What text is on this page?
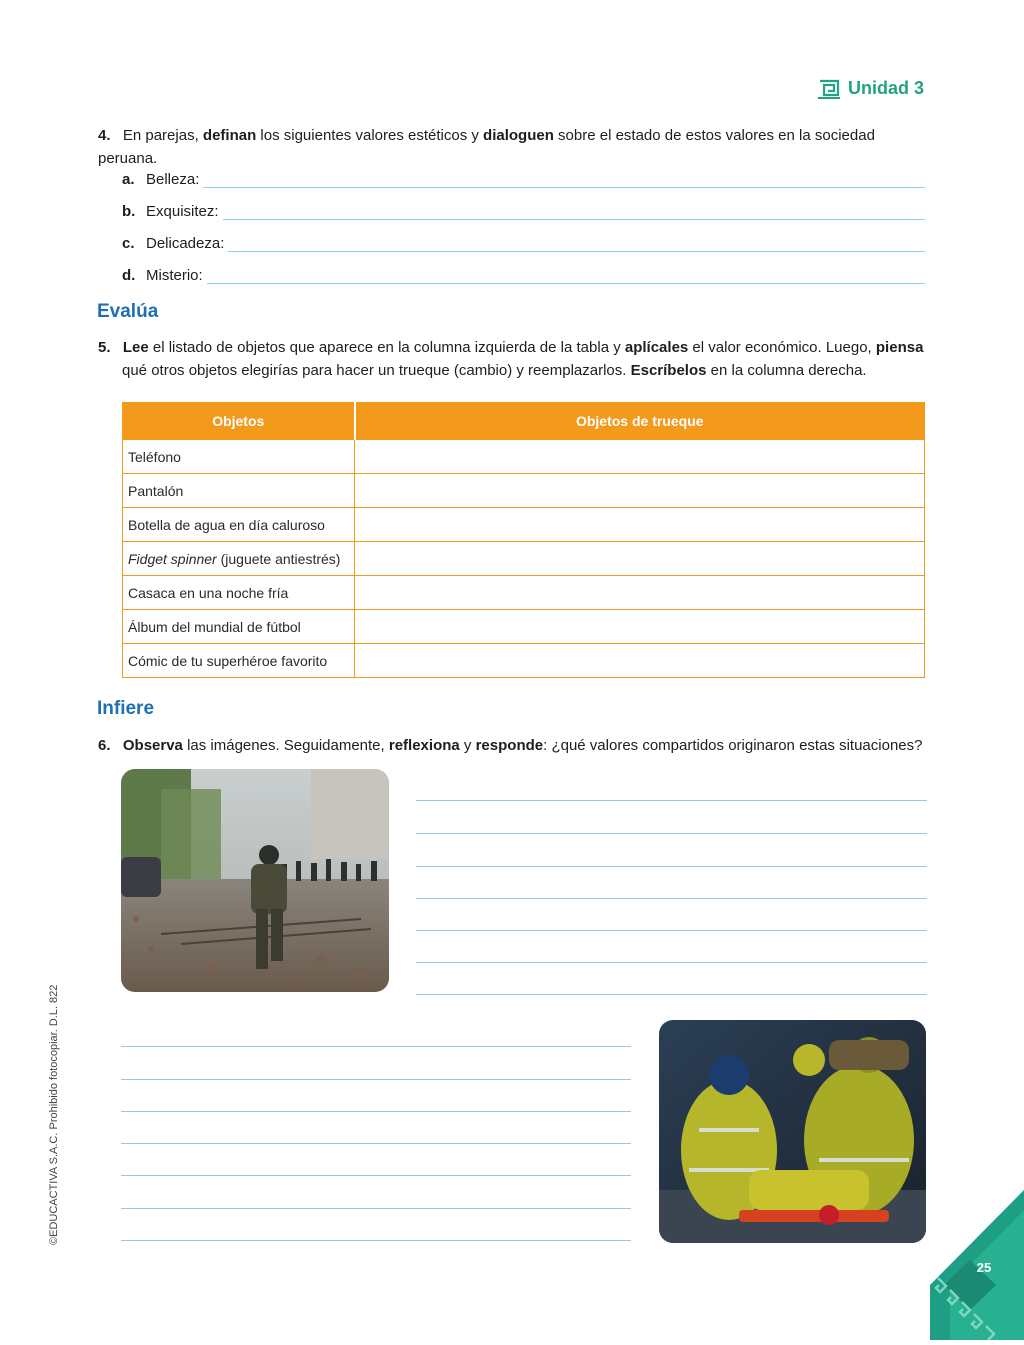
Unidad 3
4. En parejas, definan los siguientes valores estéticos y dialoguen sobre el estado de estos valores en la sociedad peruana.
a. Belleza:
b. Exquisitez:
c. Delicadeza:
d. Misterio:
Evalúa
5. Lee el listado de objetos que aparece en la columna izquierda de la tabla y aplícales el valor económico. Luego, piensa
qué otros objetos elegirías para hacer un trueque (cambio) y reemplazarlos. Escríbelos en la columna derecha.
Objetos	Objetos de trueque
Teléfono	
Pantalón	
Botella de agua en día caluroso	
Fidget spinner (juguete antiestrés)	
Casaca en una noche fría	
Álbum del mundial de fútbol	
Cómic de tu superhéroe favorito	
Infiere
6. Observa las imágenes. Seguidamente, reflexiona y responde: ¿qué valores compartidos originaron estas situaciones?
©EDUCACTIVA S.A.C. Prohibido fotocopiar. D.L. 822
25
